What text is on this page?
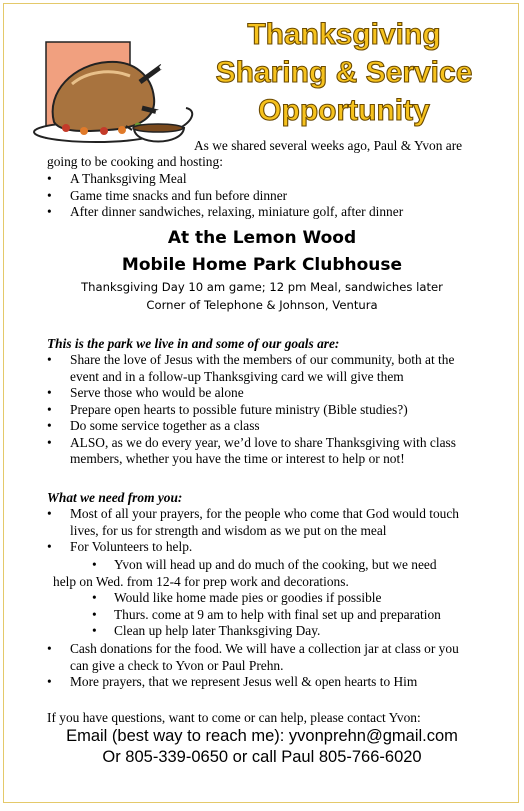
Thanksgiving
Sharing & Service
Opportunity
As we shared several weeks ago, Paul & Yvon are
going to be cooking and hosting:
• A Thanksgiving Meal
• Game time snacks and fun before dinner
• After dinner sandwiches, relaxing, miniature golf, after dinner
At the Lemon Wood
Mobile Home Park Clubhouse
Thanksgiving Day 10 am game; 12 pm Meal, sandwiches later
Corner of Telephone & Johnson, Ventura
This is the park we live in and some of our goals are:
• Share the love of Jesus with the members of our community, both at the
event and in a follow-up Thanksgiving card we will give them
• Serve those who would be alone
• Prepare open hearts to possible future ministry (Bible studies?)
• Do some service together as a class
• ALSO, as we do every year, we’d love to share Thanksgiving with class
members, whether you have the time or interest to help or not!
What we need from you:
• Most of all your prayers, for the people who come that God would touch
lives, for us for strength and wisdom as we put on the meal
• For Volunteers to help.
• Yvon will head up and do much of the cooking, but we need
help on Wed. from 12-4 for prep work and decorations.
• Would like home made pies or goodies if possible
• Thurs. come at 9 am to help with final set up and preparation
• Clean up help later Thanksgiving Day.
• Cash donations for the food. We will have a collection jar at class or you
can give a check to Yvon or Paul Prehn.
• More prayers, that we represent Jesus well & open hearts to Him
If you have questions, want to come or can help, please contact Yvon:
Email (best way to reach me): yvonprehn@gmail.com
Or 805-339-0650 or call Paul 805-766-6020
